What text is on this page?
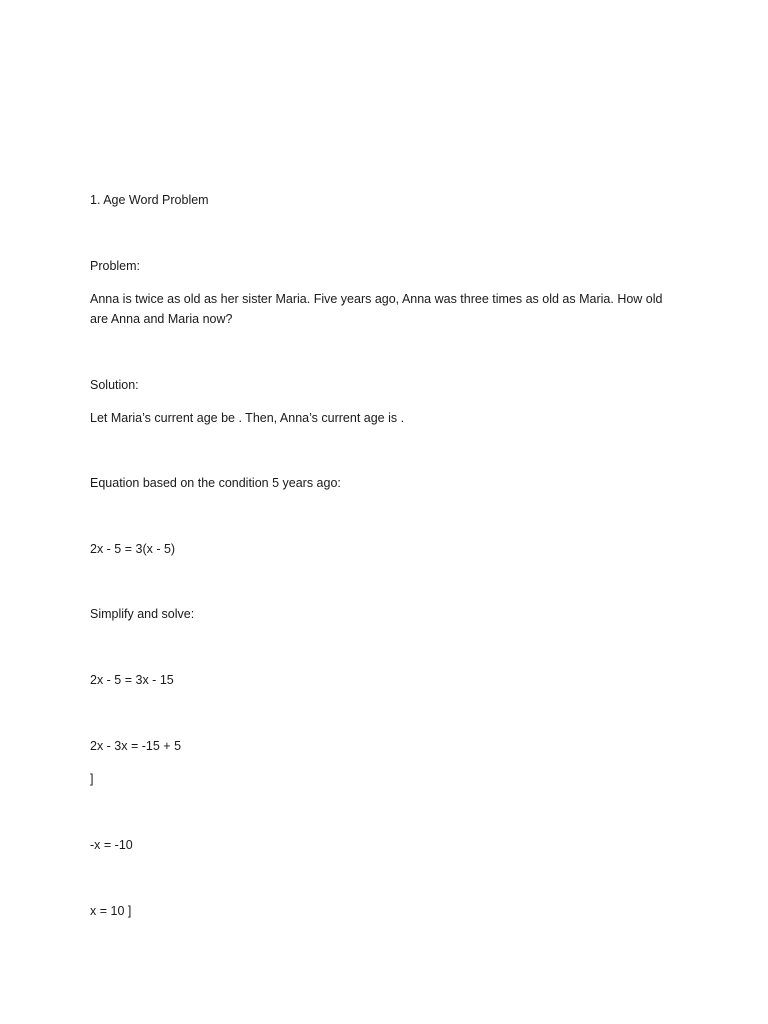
1. Age Word Problem
Problem:
Anna is twice as old as her sister Maria. Five years ago, Anna was three times as old as Maria. How old are Anna and Maria now?
Solution:
Let Maria’s current age be . Then, Anna’s current age is .
Equation based on the condition 5 years ago:
2x - 5 = 3(x - 5)
Simplify and solve:
2x - 5 = 3x - 15
2x - 3x = -15 + 5
]
-x = -10
x = 10 ]
